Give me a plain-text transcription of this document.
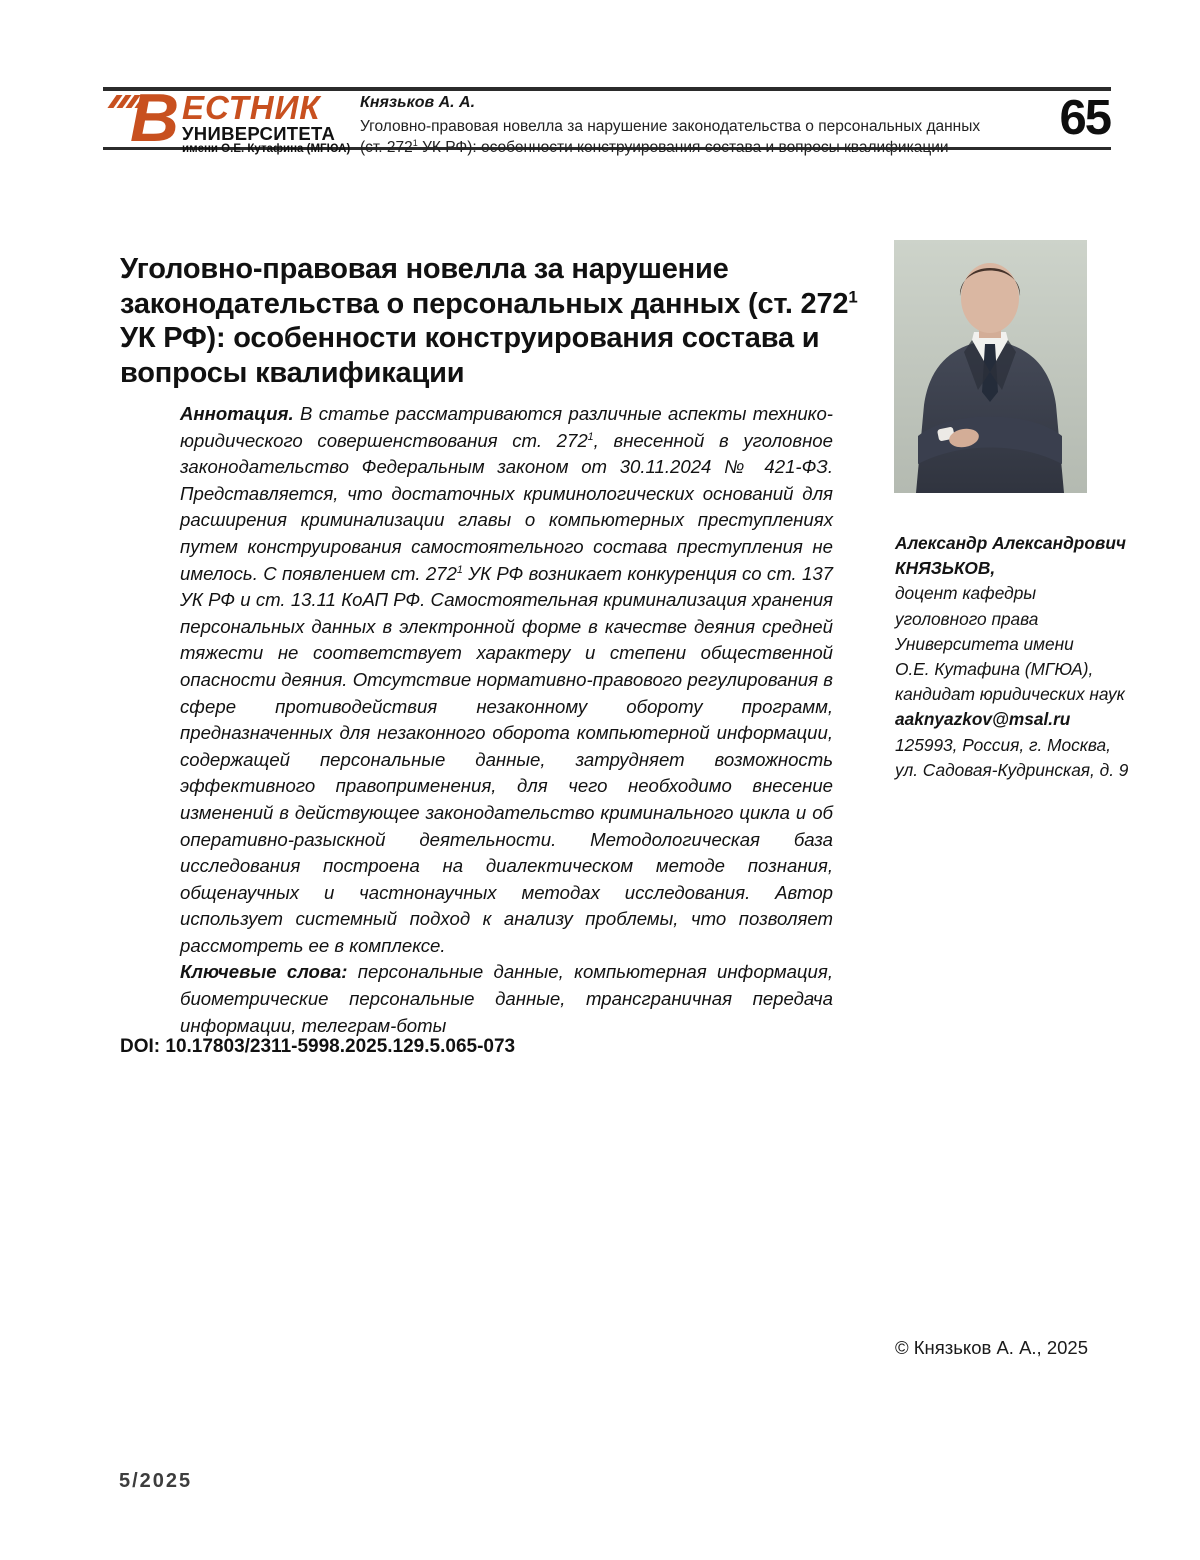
В ЕСТНИК
УНИВЕРСИТЕТА
имени О.Е. Кутафина (МГЮА)
Князьков А. А.
Уголовно-правовая новелла за нарушение законодательства о персональных данных
(ст. $272^1$ УК РФ): особенности конструирования состава и вопросы квалификации
65
Уголовно-правовая новелла за нарушение законодательства о персональных данных (ст. $272^1$ УК РФ): особенности конструирования состава и вопросы квалификации

Аннотация. В статье рассматриваются различные аспекты технико-юридического совершенствования ст. $272^1$, внесенной в уголовное законодательство Федеральным законом от 30.11.2024 № 421-ФЗ. Представляется, что достаточных криминологических оснований для расширения криминализации главы о компьютерных преступлениях путем конструирования самостоятельного состава преступления не имелось. С появлением ст. $272^1$ УК РФ возникает конкуренция со ст. 137 УК РФ и ст. 13.11 КоАП РФ. Самостоятельная криминализация хранения персональных данных в электронной форме в качестве деяния средней тяжести не соответствует характеру и степени общественной опасности деяния. Отсутствие нормативно-правового регулирования в сфере противодействия незаконному обороту программ, предназначенных для незаконного оборота компьютерной информации, содержащей персональные данные, затрудняет возможность эффективного правоприменения, для чего необходимо внесение изменений в действующее законодательство криминального цикла и об оперативно-разыскной деятельности. Методологическая база исследования построена на диалектическом методе познания, общенаучных и частнонаучных методах исследования. Автор использует системный подход к анализу проблемы, что позволяет рассмотреть ее в комплексе.

Ключевые слова: персональные данные, компьютерная информация, биометрические персональные данные, трансграничная передача информации, телеграм-боты

DOI: 10.17803/2311-5998.2025.129.5.065-073
Александр Александрович
КНЯЗЬКОВ,
доцент кафедры
уголовного права
Университета имени
О.Е. Кутафина (МГЮА),
кандидат юридических наук
aaknyazkov@msal.ru
125993, Россия, г. Москва,
ул. Садовая-Кудринская, д. 9
© Князьков А. А., 2025
5/2025
